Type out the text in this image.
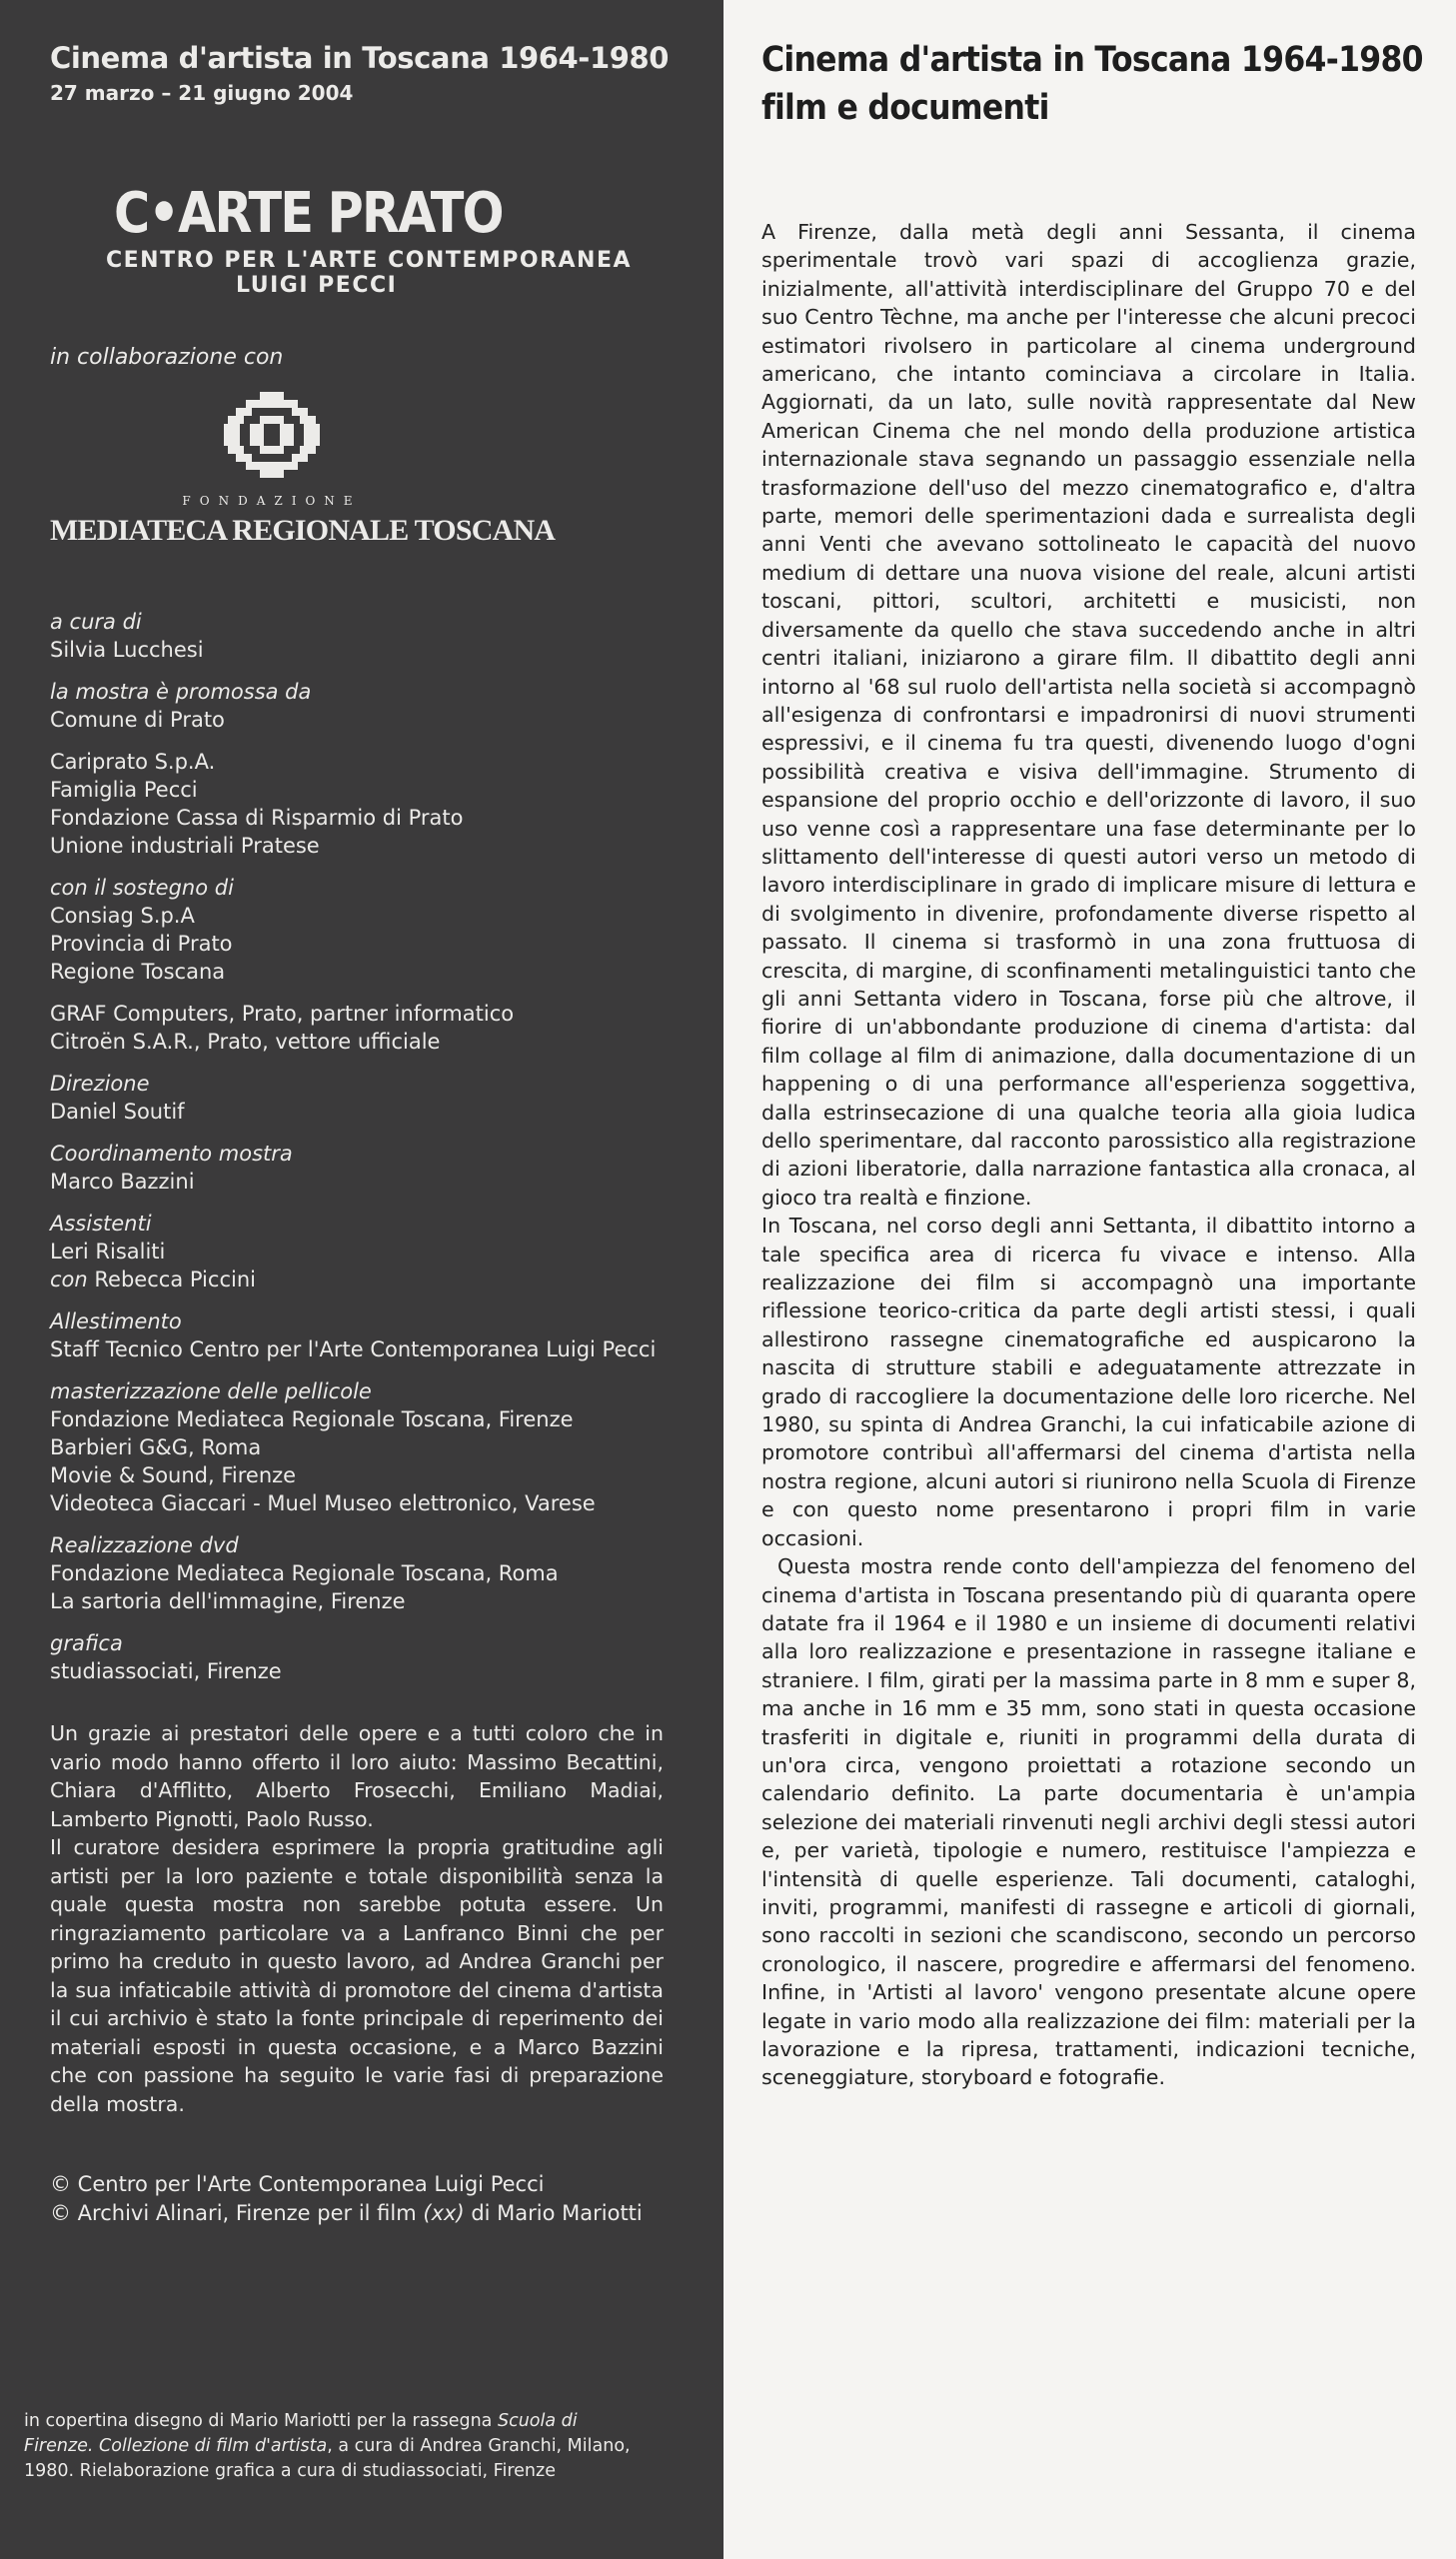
Cinema d'artista in Toscana 1964-1980
27 marzo – 21 giugno 2004
C•ARTE PRATO
CENTRO PER L'ARTE CONTEMPORANEA
LUIGI PECCI
in collaborazione con
FONDAZIONE
MEDIATECA REGIONALE TOSCANA
a cura di
Silvia Lucchesi
la mostra è promossa da
Comune di Prato
Cariprato S.p.A.
Famiglia Pecci
Fondazione Cassa di Risparmio di Prato
Unione industriali Pratese
con il sostegno di
Consiag S.p.A
Provincia di Prato
Regione Toscana
GRAF Computers, Prato, partner informatico
Citroën S.A.R., Prato, vettore ufficiale
Direzione
Daniel Soutif
Coordinamento mostra
Marco Bazzini
Assistenti
Leri Risaliti
con Rebecca Piccini
Allestimento
Staff Tecnico Centro per l'Arte Contemporanea Luigi Pecci
masterizzazione delle pellicole
Fondazione Mediateca Regionale Toscana, Firenze
Barbieri G&G, Roma
Movie & Sound, Firenze
Videoteca Giaccari - Muel Museo elettronico, Varese
Realizzazione dvd
Fondazione Mediateca Regionale Toscana, Roma
La sartoria dell'immagine, Firenze
grafica
studiassociati, Firenze

Un grazie ai prestatori delle opere e a tutti coloro che in vario modo hanno offerto il loro aiuto: Massimo Becattini, Chiara d'Afflitto, Alberto Frosecchi, Emiliano Madiai, Lamberto Pignotti, Paolo Russo.

Il curatore desidera esprimere la propria gratitudine agli artisti per la loro paziente e totale disponibilità senza la quale questa mostra non sarebbe potuta essere. Un ringraziamento particolare va a Lanfranco Binni che per primo ha creduto in questo lavoro, ad Andrea Granchi per la sua infaticabile attività di promotore del cinema d'artista il cui archivio è stato la fonte principale di reperimento dei materiali esposti in questa occasione, e a Marco Bazzini che con passione ha seguito le varie fasi di preparazione della mostra.

© Centro per l'Arte Contemporanea Luigi Pecci
© Archivi Alinari, Firenze per il film (xx) di Mario Mariotti
in copertina disegno di Mario Mariotti per la rassegna Scuola di Firenze. Collezione di film d'artista, a cura di Andrea Granchi, Milano, 1980. Rielaborazione grafica a cura di studiassociati, Firenze
Cinema d'artista in Toscana 1964-1980
film e documenti

A Firenze, dalla metà degli anni Sessanta, il cinema sperimentale trovò vari spazi di accoglienza grazie, inizialmente, all'attività interdisciplinare del Gruppo 70 e del suo Centro Tèchne, ma anche per l'interesse che alcuni precoci estimatori rivolsero in particolare al cinema underground americano, che intanto cominciava a circolare in Italia. Aggiornati, da un lato, sulle novità rappresentate dal New American Cinema che nel mondo della produzione artistica internazionale stava segnando un passaggio essenziale nella trasformazione dell'uso del mezzo cinematografico e, d'altra parte, memori delle sperimentazioni dada e surrealista degli anni Venti che avevano sottolineato le capacità del nuovo medium di dettare una nuova visione del reale, alcuni artisti toscani, pittori, scultori, architetti e musicisti, non diversamente da quello che stava succedendo anche in altri centri italiani, iniziarono a girare film. Il dibattito degli anni intorno al '68 sul ruolo dell'artista nella società si accompagnò all'esigenza di confrontarsi e impadronirsi di nuovi strumenti espressivi, e il cinema fu tra questi, divenendo luogo d'ogni possibilità creativa e visiva dell'immagine. Strumento di espansione del proprio occhio e dell'orizzonte di lavoro, il suo uso venne così a rappresentare una fase determinante per lo slittamento dell'interesse di questi autori verso un metodo di lavoro interdisciplinare in grado di implicare misure di lettura e di svolgimento in divenire, profondamente diverse rispetto al passato. Il cinema si trasformò in una zona fruttuosa di crescita, di margine, di sconfinamenti metalinguistici tanto che gli anni Settanta videro in Toscana, forse più che altrove, il fiorire di un'abbondante produzione di cinema d'artista: dal film collage al film di animazione, dalla documentazione di un happening o di una performance all'esperienza soggettiva, dalla estrinsecazione di una qualche teoria alla gioia ludica dello sperimentare, dal racconto parossistico alla registrazione di azioni liberatorie, dalla narrazione fantastica alla cronaca, al gioco tra realtà e finzione.

In Toscana, nel corso degli anni Settanta, il dibattito intorno a tale specifica area di ricerca fu vivace e intenso. Alla realizzazione dei film si accompagnò una importante riflessione teorico-critica da parte degli artisti stessi, i quali allestirono rassegne cinematografiche ed auspicarono la nascita di strutture stabili e adeguatamente attrezzate in grado di raccogliere la documentazione delle loro ricerche. Nel 1980, su spinta di Andrea Granchi, la cui infaticabile azione di promotore contribuì all'affermarsi del cinema d'artista nella nostra regione, alcuni autori si riunirono nella Scuola di Firenze e con questo nome presentarono i propri film in varie occasioni.

Questa mostra rende conto dell'ampiezza del fenomeno del cinema d'artista in Toscana presentando più di quaranta opere datate fra il 1964 e il 1980 e un insieme di documenti relativi alla loro realizzazione e presentazione in rassegne italiane e straniere. I film, girati per la massima parte in 8 mm e super 8, ma anche in 16 mm e 35 mm, sono stati in questa occasione trasferiti in digitale e, riuniti in programmi della durata di un'ora circa, vengono proiettati a rotazione secondo un calendario definito. La parte documentaria è un'ampia selezione dei materiali rinvenuti negli archivi degli stessi autori e, per varietà, tipologie e numero, restituisce l'ampiezza e l'intensità di quelle esperienze. Tali documenti, cataloghi, inviti, programmi, manifesti di rassegne e articoli di giornali, sono raccolti in sezioni che scandiscono, secondo un percorso cronologico, il nascere, progredire e affermarsi del fenomeno. Infine, in 'Artisti al lavoro' vengono presentate alcune opere legate in vario modo alla realizzazione dei film: materiali per la lavorazione e la ripresa, trattamenti, indicazioni tecniche, sceneggiature, storyboard e fotografie.
